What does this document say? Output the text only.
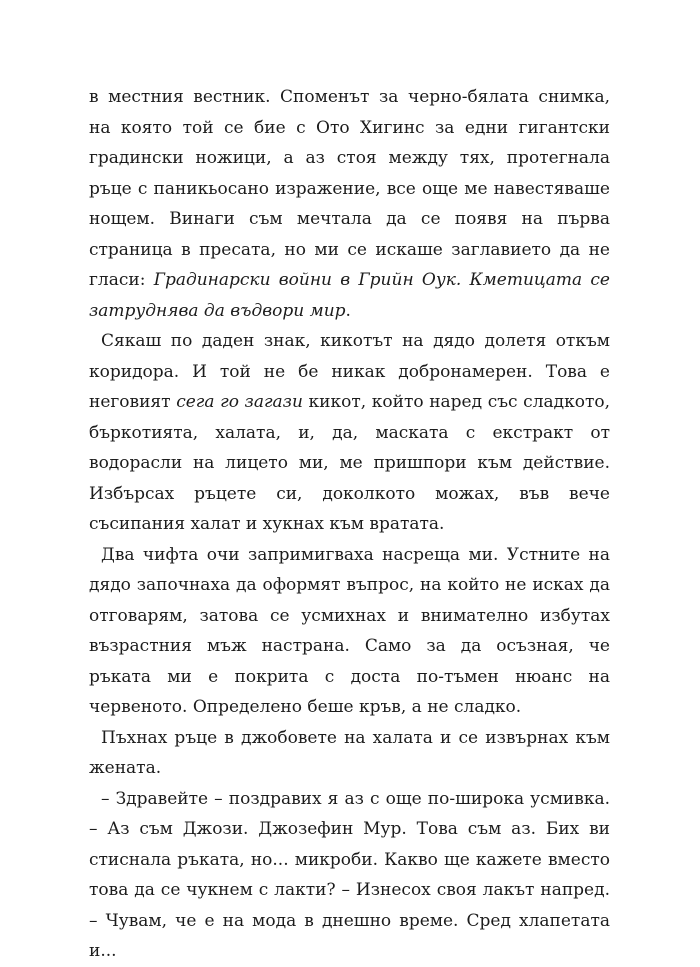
в местния вестник. Споменът за черно-бялата снимка, на която той се бие с Ото Хигинс за едни гигантски градински ножици, а аз стоя между тях, протегнала ръце с паникьосано изражение, все още ме навестяваше нощем. Винаги съм мечтала да се появя на първа страница в пресата, но ми се искаше заглавието да не гласи: Градинарски войни в Грийн Оук. Кметицата се затруднява да въдвори мир.

Сякаш по даден знак, кикотът на дядо долетя откъм коридора. И той не бе никак добронамерен. Това е неговият сега го загази кикот, който наред със сладкото, бъркотията, халата, и, да, маската с екстракт от водорасли на лицето ми, ме пришпори към действие. Избърсах ръцете си, доколкото можах, във вече съсипания халат и хукнах към вратата.

Два чифта очи запримигваха насреща ми. Устните на дядо започнаха да оформят въпрос, на който не исках да отговарям, затова се усмихнах и внимателно избутах възрастния мъж настрана. Само за да осъзная, че ръката ми е покрита с доста по-тъмен нюанс на червеното. Определено беше кръв, а не сладко.

Пъхнах ръце в джобовете на халата и се извърнах към жената.

– Здравейте – поздравих я аз с още по-широка усмивка. – Аз съм Джози. Джозефин Мур. Това съм аз. Бих ви стиснала ръката, но... микроби. Какво ще кажете вместо това да се чукнем с лакти? – Изнесох своя лакът напред. – Чувам, че е на мода в днешно време. Сред хлапетата и...
